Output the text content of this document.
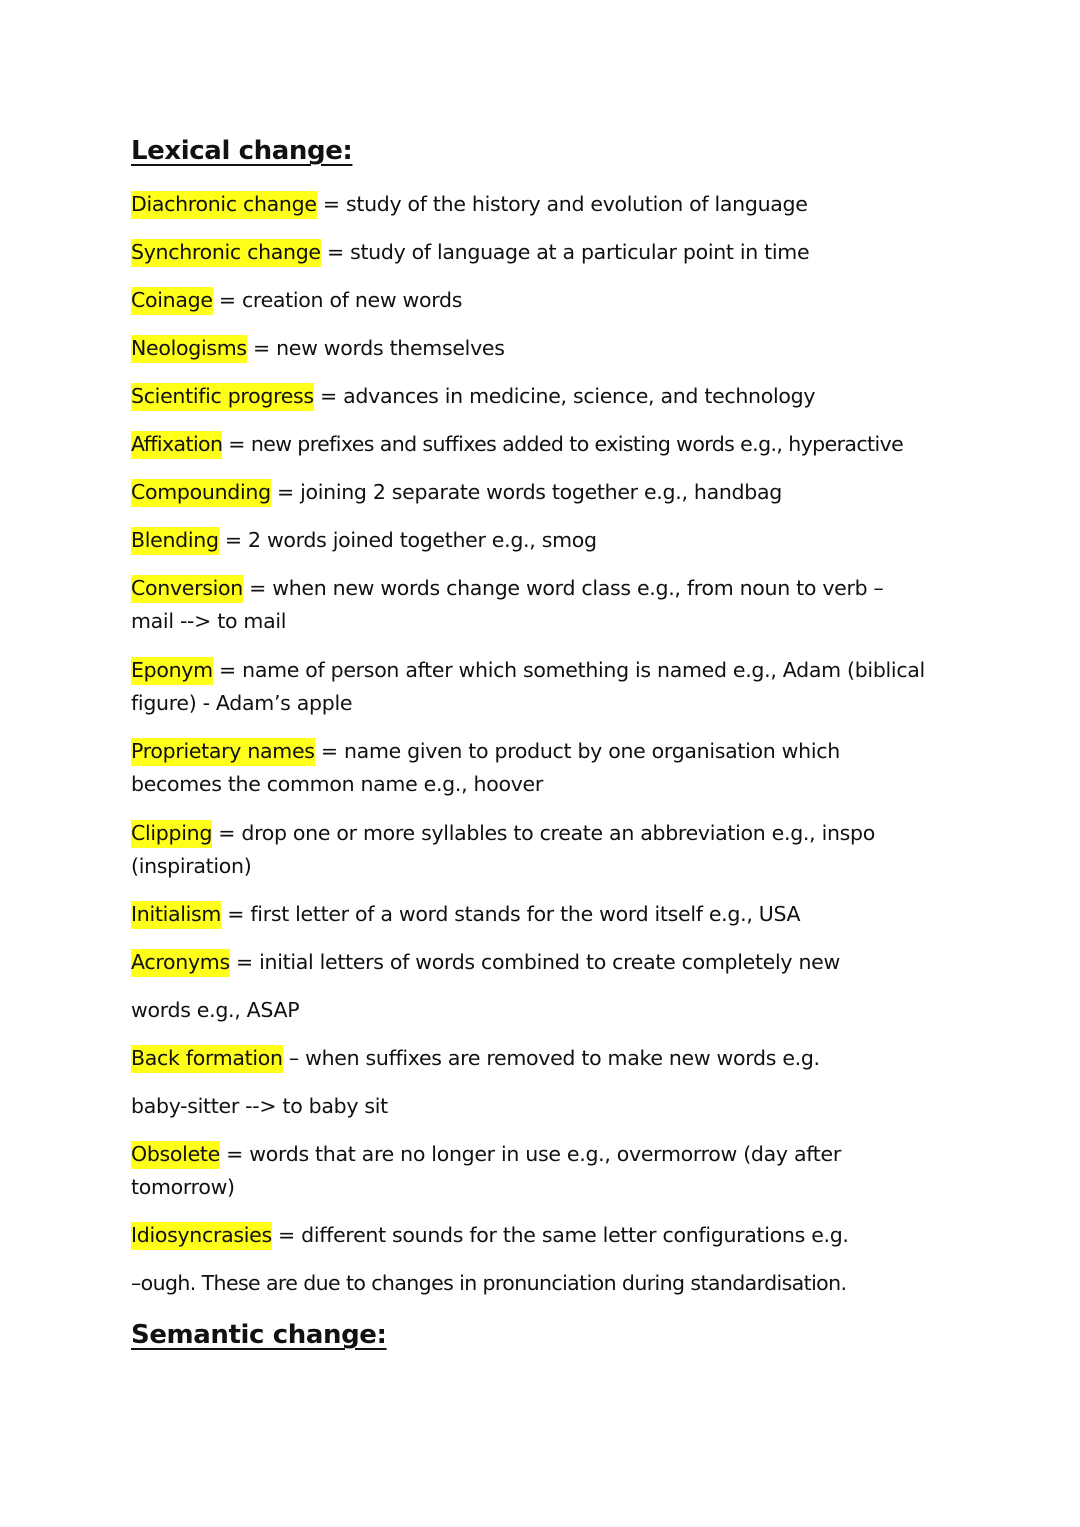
Lexical change:

Diachronic change = study of the history and evolution of language

Synchronic change = study of language at a particular point in time

Coinage = creation of new words

Neologisms = new words themselves

Scientific progress = advances in medicine, science, and technology

Affixation = new prefixes and suffixes added to existing words e.g., hyperactive

Compounding = joining 2 separate words together e.g., handbag

Blending = 2 words joined together e.g., smog

Conversion = when new words change word class e.g., from noun to verb – mail --> to mail

Eponym = name of person after which something is named e.g., Adam (biblical figure) - Adam’s apple

Proprietary names = name given to product by one organisation which becomes the common name e.g., hoover

Clipping = drop one or more syllables to create an abbreviation e.g., inspo (inspiration)

Initialism = first letter of a word stands for the word itself e.g., USA

Acronyms = initial letters of words combined to create completely new

words e.g., ASAP

Back formation – when suffixes are removed to make new words e.g.

baby-sitter --> to baby sit

Obsolete = words that are no longer in use e.g., overmorrow (day after tomorrow)

Idiosyncrasies = different sounds for the same letter configurations e.g.

–ough. These are due to changes in pronunciation during standardisation.

Semantic change:
